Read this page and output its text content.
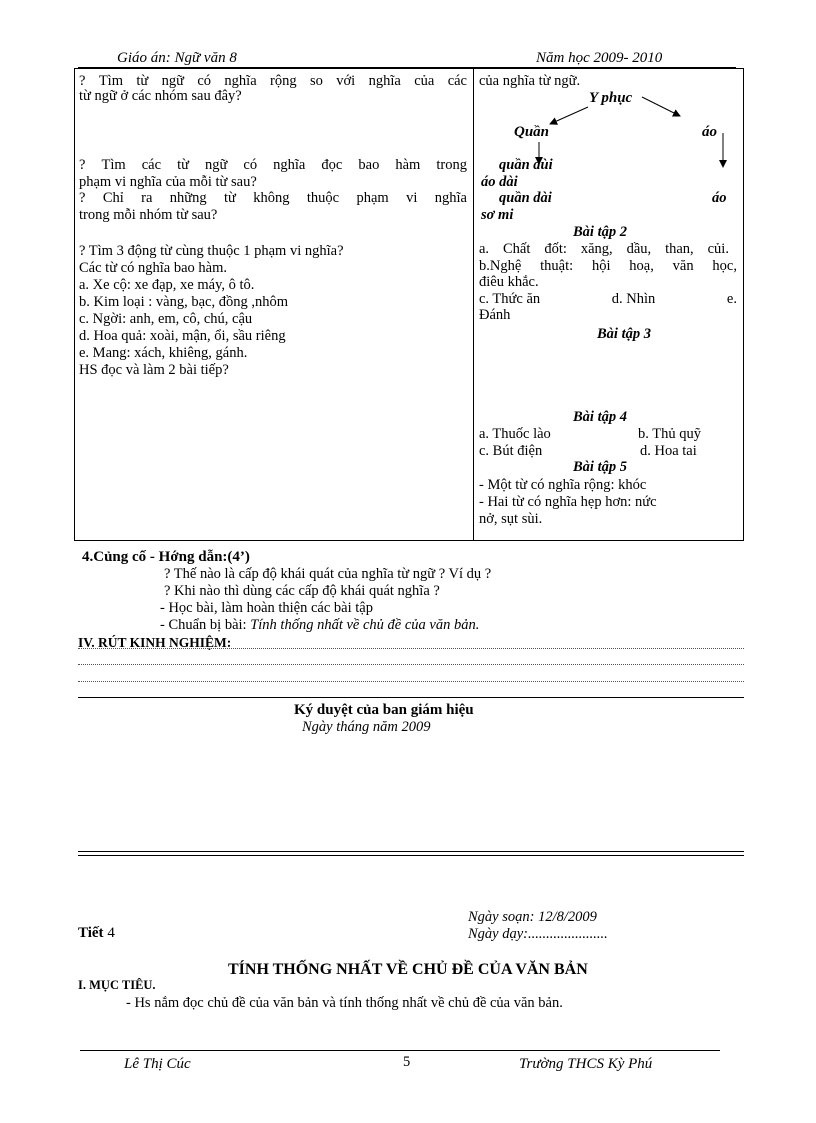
Giáo án: Ngữ văn 8	Năm học 2009- 2010
? Tìm từ ngữ có nghĩa rộng so với nghĩa của các
từ ngữ ở các nhóm sau đây?
? Tìm các từ ngữ có nghĩa đọc bao hàm trong
phạm vi nghĩa của mỗi từ sau?
? Chỉ ra những từ không thuộc phạm vi nghĩa
trong mỗi nhóm từ sau?
? Tìm 3 động từ cùng thuộc 1 phạm vi nghĩa?
Các từ có nghĩa bao hàm.
a. Xe cộ: xe đạp, xe máy, ô tô.
b. Kim loại : vàng, bạc, đồng ,nhôm
c. Ngời: anh, em, cô, chú, cậu
d. Hoa quả: xoài, mận, ổi, sầu riêng
e. Mang: xách, khiêng, gánh.
HS đọc và làm 2 bài tiếp?
của nghĩa từ ngữ.
Y phục
Quần	áo
quần đùi
áo dài
quần dài	áo
sơ mi
Bài tập 2
a. Chất đốt: xăng, dầu, than, củi.
b.Nghệ thuật: hội hoạ, văn học,
điêu khắc.
c. Thức ăn	d. Nhìn	e.
Đánh
Bài tập 3
Bài tập 4
a. Thuốc lào	b. Thủ quỹ
c. Bút điện	d. Hoa tai
Bài tập 5
- Một từ có nghĩa rộng: khóc
- Hai từ có nghĩa hẹp hơn: nức
nở, sụt sùi.
4.Củng cố - Hớng dẫn:(4’)
? Thế nào là cấp độ khái quát của nghĩa từ ngữ ? Ví dụ ?
? Khi nào thì dùng các cấp độ khái quát nghĩa ?
- Học bài, làm hoàn thiện các bài tập
- Chuẩn bị bài: Tính thống nhất về chủ đề của văn bản.
IV. RÚT KINH NGHIỆM:
Ký duyệt của ban giám hiệu
Ngày tháng năm 2009
Ngày soạn: 12/8/2009
Tiết 4	Ngày dạy:......................
TÍNH THỐNG NHẤT VỀ CHỦ ĐỀ CỦA VĂN BẢN
I. MỤC TIÊU.
- Hs nắm đọc chủ đề của văn bản và tính thống nhất về chủ đề của văn bản.
Lê Thị Cúc	5	Trường THCS Kỳ Phú
